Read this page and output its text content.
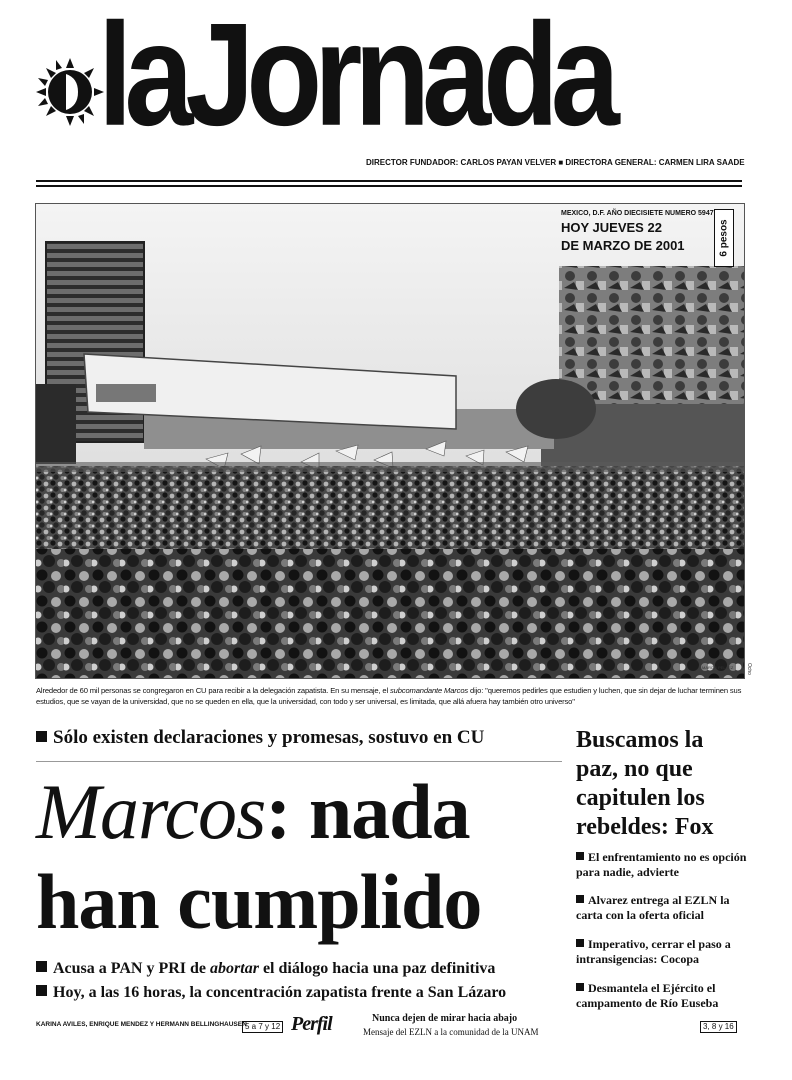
laJornada
DIRECTOR FUNDADOR: CARLOS PAYAN VELVER ■ DIRECTORA GENERAL: CARMEN LIRA SAADE
MEXICO, D.F. AÑO DIECISIETE NUMERO 5947
HOY JUEVES 22
DE MARZO DE 2001	6 pesos
MARCO PELAEZ	Ocho
Alrededor de 60 mil personas se congregaron en CU para recibir a la delegación zapatista. En su mensaje, el subcomandante Marcos dijo: "queremos pedirles que estudien y luchen, que sin dejar de luchar terminen sus estudios, que se vayan de la universidad, que no se queden en ella, que la universidad, con todo y ser universal, es limitada, que allá afuera hay también otro universo"
Sólo existen declaraciones y promesas, sostuvo en CU
Marcos: nada
han cumplido
Acusa a PAN y PRI de abortar el diálogo hacia una paz definitiva
Hoy, a las 16 horas, la concentración zapatista frente a San Lázaro
KARINA AVILES, ENRIQUE MENDEZ Y HERMANN BELLINGHAUSEN
5 a 7 y 12 Perfil	Nunca dejen de mirar hacia abajo
Mensaje del EZLN a la comunidad de la UNAM
Buscamos la paz, no que capitulen los rebeldes: Fox
El enfrentamiento no es opción para nadie, advierte
Alvarez entrega al EZLN la carta con la oferta oficial
Imperativo, cerrar el paso a intransigencias: Cocopa
Desmantela el Ejército el campamento de Río Euseba
3, 8 y 16
